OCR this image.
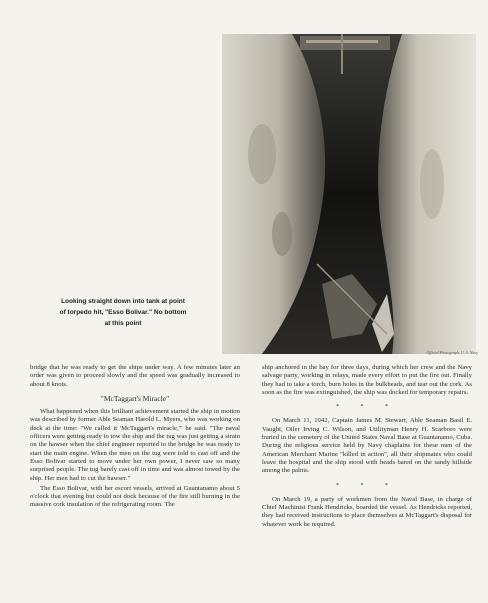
Official Photograph, U. S. Navy
Looking straight down into tank at point
of torpedo hit, "Esso Bolivar." No bottom
at this point

bridge that he was ready to get the ships under way. A few minutes later an order was given to proceed slowly and the speed was gradually increased to about 8 knots.

"McTaggart's Miracle"

What happened when this brilliant achievement started the ship in motion was described by former Able Seaman Harold L. Myers, who was working on deck at the time: "We called it 'McTaggart's miracle,'" he said. "The naval officers were getting ready to tow the ship and the tug was just getting a strain on the hawser when the chief engineer reported to the bridge he was ready to start the main engine. When the men on the tug were told to cast off and the Esso Bolivar started to move under her own power, I never saw so many surprised people. The tug barely cast off in time and was almost towed by the ship. Her men had to cut the hawser."

The Esso Bolivar, with her escort vessels, arrived at Guantanamo about 5 o'clock that evening but could not dock because of the fire still burning in the massive cork insulation of the refrigerating room. The

ship anchored in the bay for three days, during which her crew and the Navy salvage party, working in relays, made every effort to put the fire out. Finally they had to take a torch, burn holes in the bulkheads, and tear out the cork. As soon as the fire was extinguished, the ship was docked for temporary repairs.

* * *

On March 11, 1942, Captain James M. Stewart, Able Seaman Basil E. Vaught, Oiler Irving C. Wilson, and Utilityman Henry H. Scarboro were buried in the cemetery of the United States Naval Base at Guantanamo, Cuba. During the religious service held by Navy chaplains for these men of the American Merchant Marine "killed in action", all their shipmates who could leave the hospital and the ship stood with heads bared on the sandy hillside among the palms.

* * *

On March 19, a party of workmen from the Naval Base, in charge of Chief Machinist Frank Hendricks, boarded the vessel. As Hendricks reported, they had received instructions to place themselves at McTaggart's disposal for whatever work he required.
